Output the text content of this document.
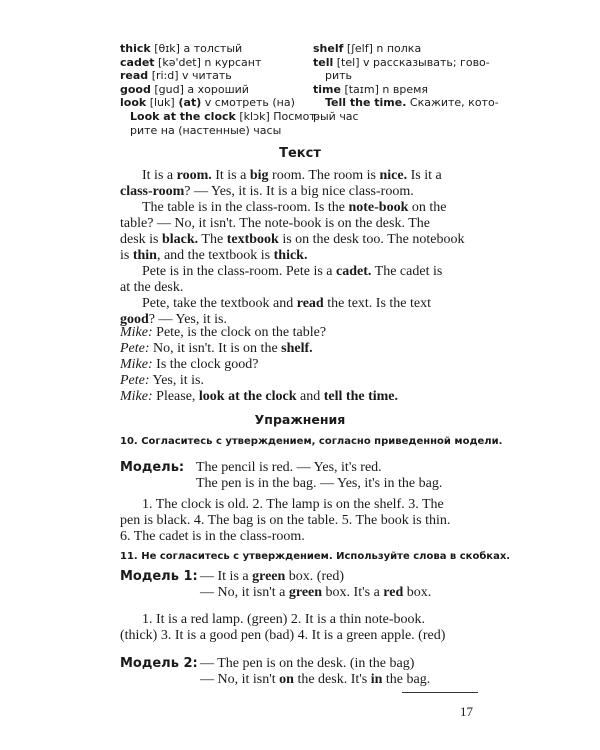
thick [θɪk] a толстый
cadet [kə'det] n курсант
read [ri:d] v читать
good [gud] a хороший
look [luk] (at) v смотреть (на)
Look at the clock [klɔk] Посмот-
рите на (настенные) часы
shelf [ʃelf] n полка
tell [tel] v рассказывать; гово-
рить
time [taɪm] n время
Tell the time. Скажите, кото-
рый час
Текст
It is a room. It is a big room. The room is nice. Is it a
class-room? — Yes, it is. It is a big nice class-room.
The table is in the class-room. Is the note-book on the
table? — No, it isn't. The note-book is on the desk. The
desk is black. The textbook is on the desk too. The notebook
is thin, and the textbook is thick.
Pete is in the class-room. Pete is a cadet. The cadet is
at the desk.
Pete, take the textbook and read the text. Is the text
good? — Yes, it is.
Mike: Pete, is the clock on the table?
Pete: No, it isn't. It is on the shelf.
Mike: Is the clock good?
Pete: Yes, it is.
Mike: Please, look at the clock and tell the time.
Упражнения
10. Согласитесь с утверждением, согласно приведенной модели.
Модель: The pencil is red. — Yes, it's red.
The pen is in the bag. — Yes, it's in the bag.
1. The clock is old. 2. The lamp is on the shelf. 3. The
pen is black. 4. The bag is on the table. 5. The book is thin.
6. The cadet is in the class-room.
11. Не согласитесь с утверждением. Используйте слова в скобках.
Модель 1: — It is a green box. (red)
— No, it isn't a green box. It's a red box.
1. It is a red lamp. (green) 2. It is a thin note-book.
(thick) 3. It is a good pen (bad) 4. It is a green apple. (red)
Модель 2: — The pen is on the desk. (in the bag)
— No, it isn't on the desk. It's in the bag.
17
